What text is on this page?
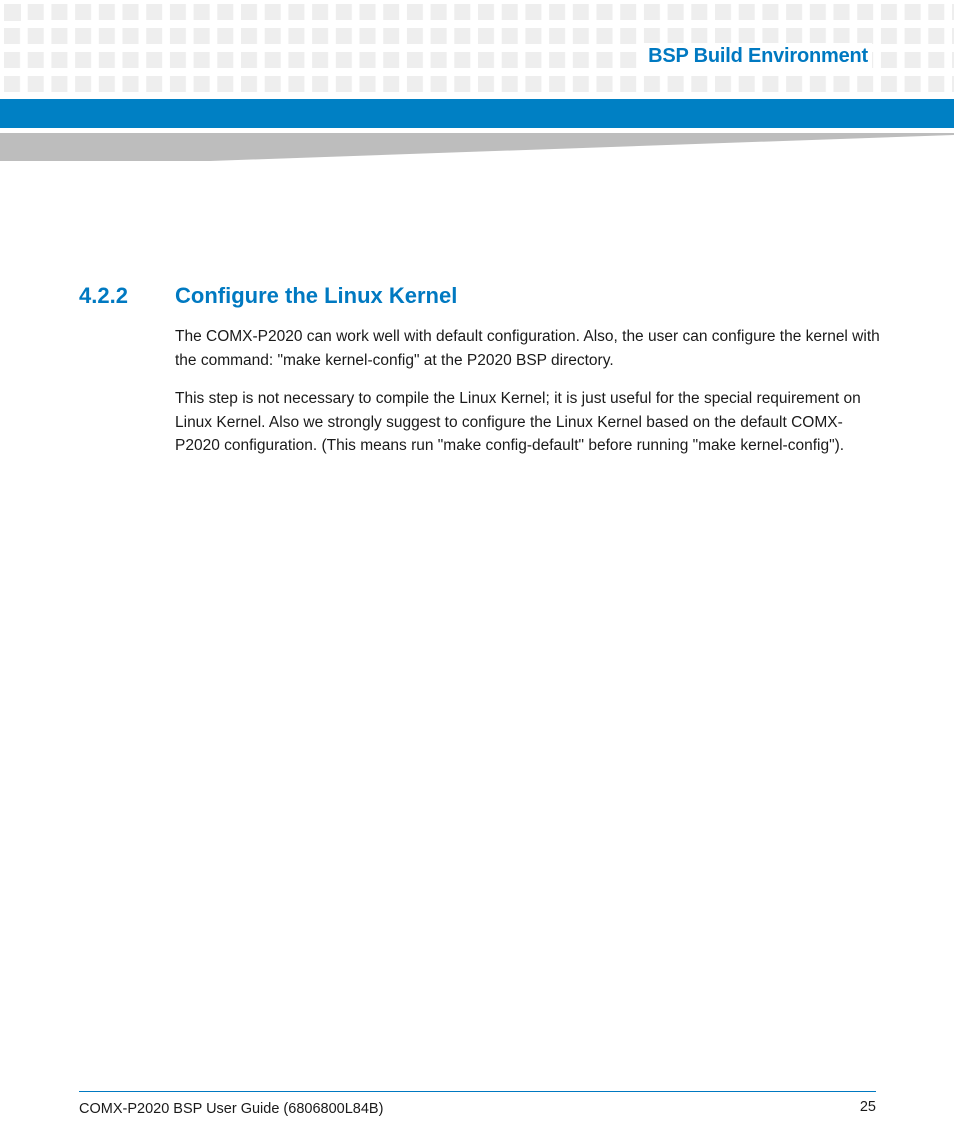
BSP Build Environment
4.2.2 Configure the Linux Kernel
The COMX-P2020 can work well with default configuration. Also, the user can configure the kernel with the command: "make kernel-config" at the P2020 BSP directory.
This step is not necessary to compile the Linux Kernel; it is just useful for the special requirement on Linux Kernel. Also we strongly suggest to configure the Linux Kernel based on the default COMX-P2020 configuration. (This means run "make config-default" before running "make kernel-config").
COMX-P2020 BSP User Guide (6806800L84B)	25
